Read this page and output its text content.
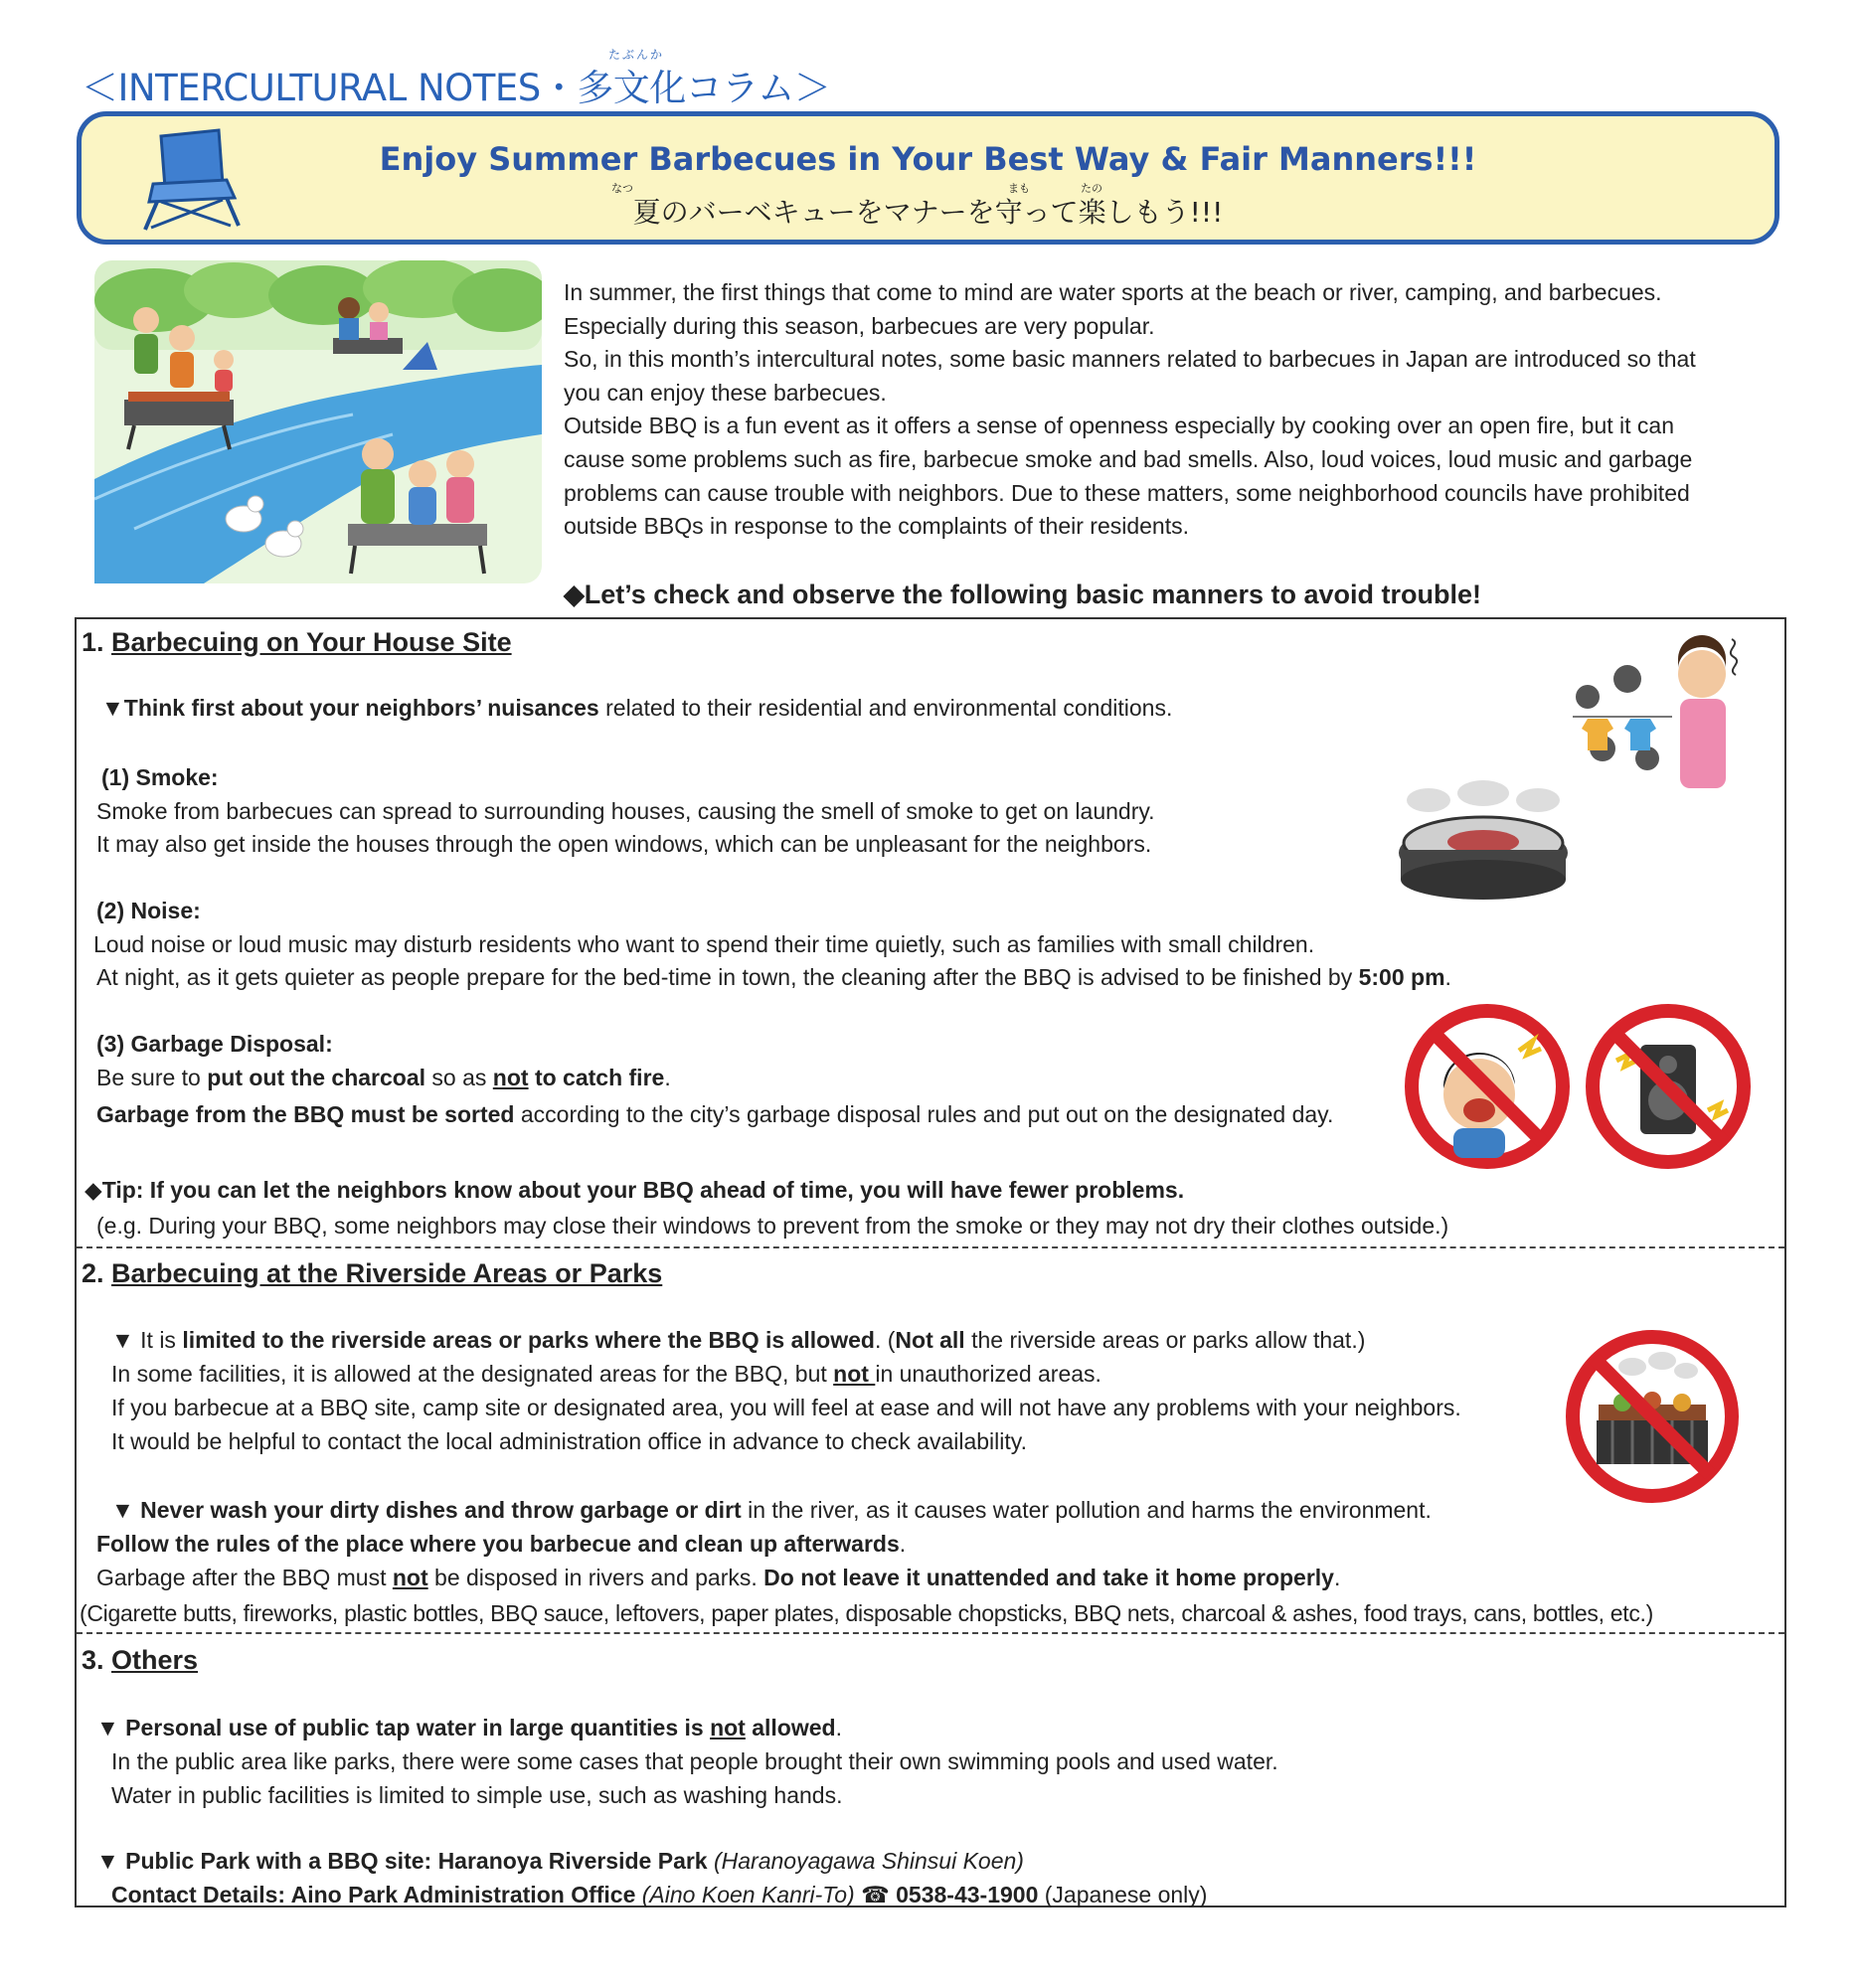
たぶんか
＜INTERCULTURAL NOTES・多文化コラム＞
Enjoy Summer Barbecues in Your Best Way & Fair Manners!!!
なつ	まも	たの
夏のバーベキューをマナーを守って楽しもう!!!
In summer, the first things that come to mind are water sports at the beach or river, camping, and barbecues.
Especially during this season, barbecues are very popular.
So, in this month’s intercultural notes, some basic manners related to barbecues in Japan are introduced so that
you can enjoy these barbecues.
Outside BBQ is a fun event as it offers a sense of openness especially by cooking over an open fire, but it can
cause some problems such as fire, barbecue smoke and bad smells. Also, loud voices, loud music and garbage
problems can cause trouble with neighbors. Due to these matters, some neighborhood councils have prohibited
outside BBQs in response to the complaints of their residents.
◆Let’s check and observe the following basic manners to avoid trouble!
1. Barbecuing on Your House Site
▼Think first about your neighbors’ nuisances related to their residential and environmental conditions.
(1) Smoke:
Smoke from barbecues can spread to surrounding houses, causing the smell of smoke to get on laundry.
It may also get inside the houses through the open windows, which can be unpleasant for the neighbors.
(2) Noise:
Loud noise or loud music may disturb residents who want to spend their time quietly, such as families with small children.
At night, as it gets quieter as people prepare for the bed-time in town, the cleaning after the BBQ is advised to be finished by 5:00 pm.
(3) Garbage Disposal:
Be sure to put out the charcoal so as not to catch fire.
Garbage from the BBQ must be sorted according to the city’s garbage disposal rules and put out on the designated day.
◆Tip: If you can let the neighbors know about your BBQ ahead of time, you will have fewer problems.
(e.g. During your BBQ, some neighbors may close their windows to prevent from the smoke or they may not dry their clothes outside.)
2. Barbecuing at the Riverside Areas or Parks
▼ It is limited to the riverside areas or parks where the BBQ is allowed. (Not all the riverside areas or parks allow that.)
In some facilities, it is allowed at the designated areas for the BBQ, but not in unauthorized areas.
If you barbecue at a BBQ site, camp site or designated area, you will feel at ease and will not have any problems with your neighbors.
It would be helpful to contact the local administration office in advance to check availability.
▼ Never wash your dirty dishes and throw garbage or dirt in the river, as it causes water pollution and harms the environment.
Follow the rules of the place where you barbecue and clean up afterwards.
Garbage after the BBQ must not be disposed in rivers and parks. Do not leave it unattended and take it home properly.
(Cigarette butts, fireworks, plastic bottles, BBQ sauce, leftovers, paper plates, disposable chopsticks, BBQ nets, charcoal & ashes, food trays, cans, bottles, etc.)
3. Others
▼ Personal use of public tap water in large quantities is not allowed.
In the public area like parks, there were some cases that people brought their own swimming pools and used water.
Water in public facilities is limited to simple use, such as washing hands.
▼ Public Park with a BBQ site: Haranoya Riverside Park (Haranoyagawa Shinsui Koen)
Contact Details: Aino Park Administration Office (Aino Koen Kanri-To) ☎ 0538-43-1900 (Japanese only)
